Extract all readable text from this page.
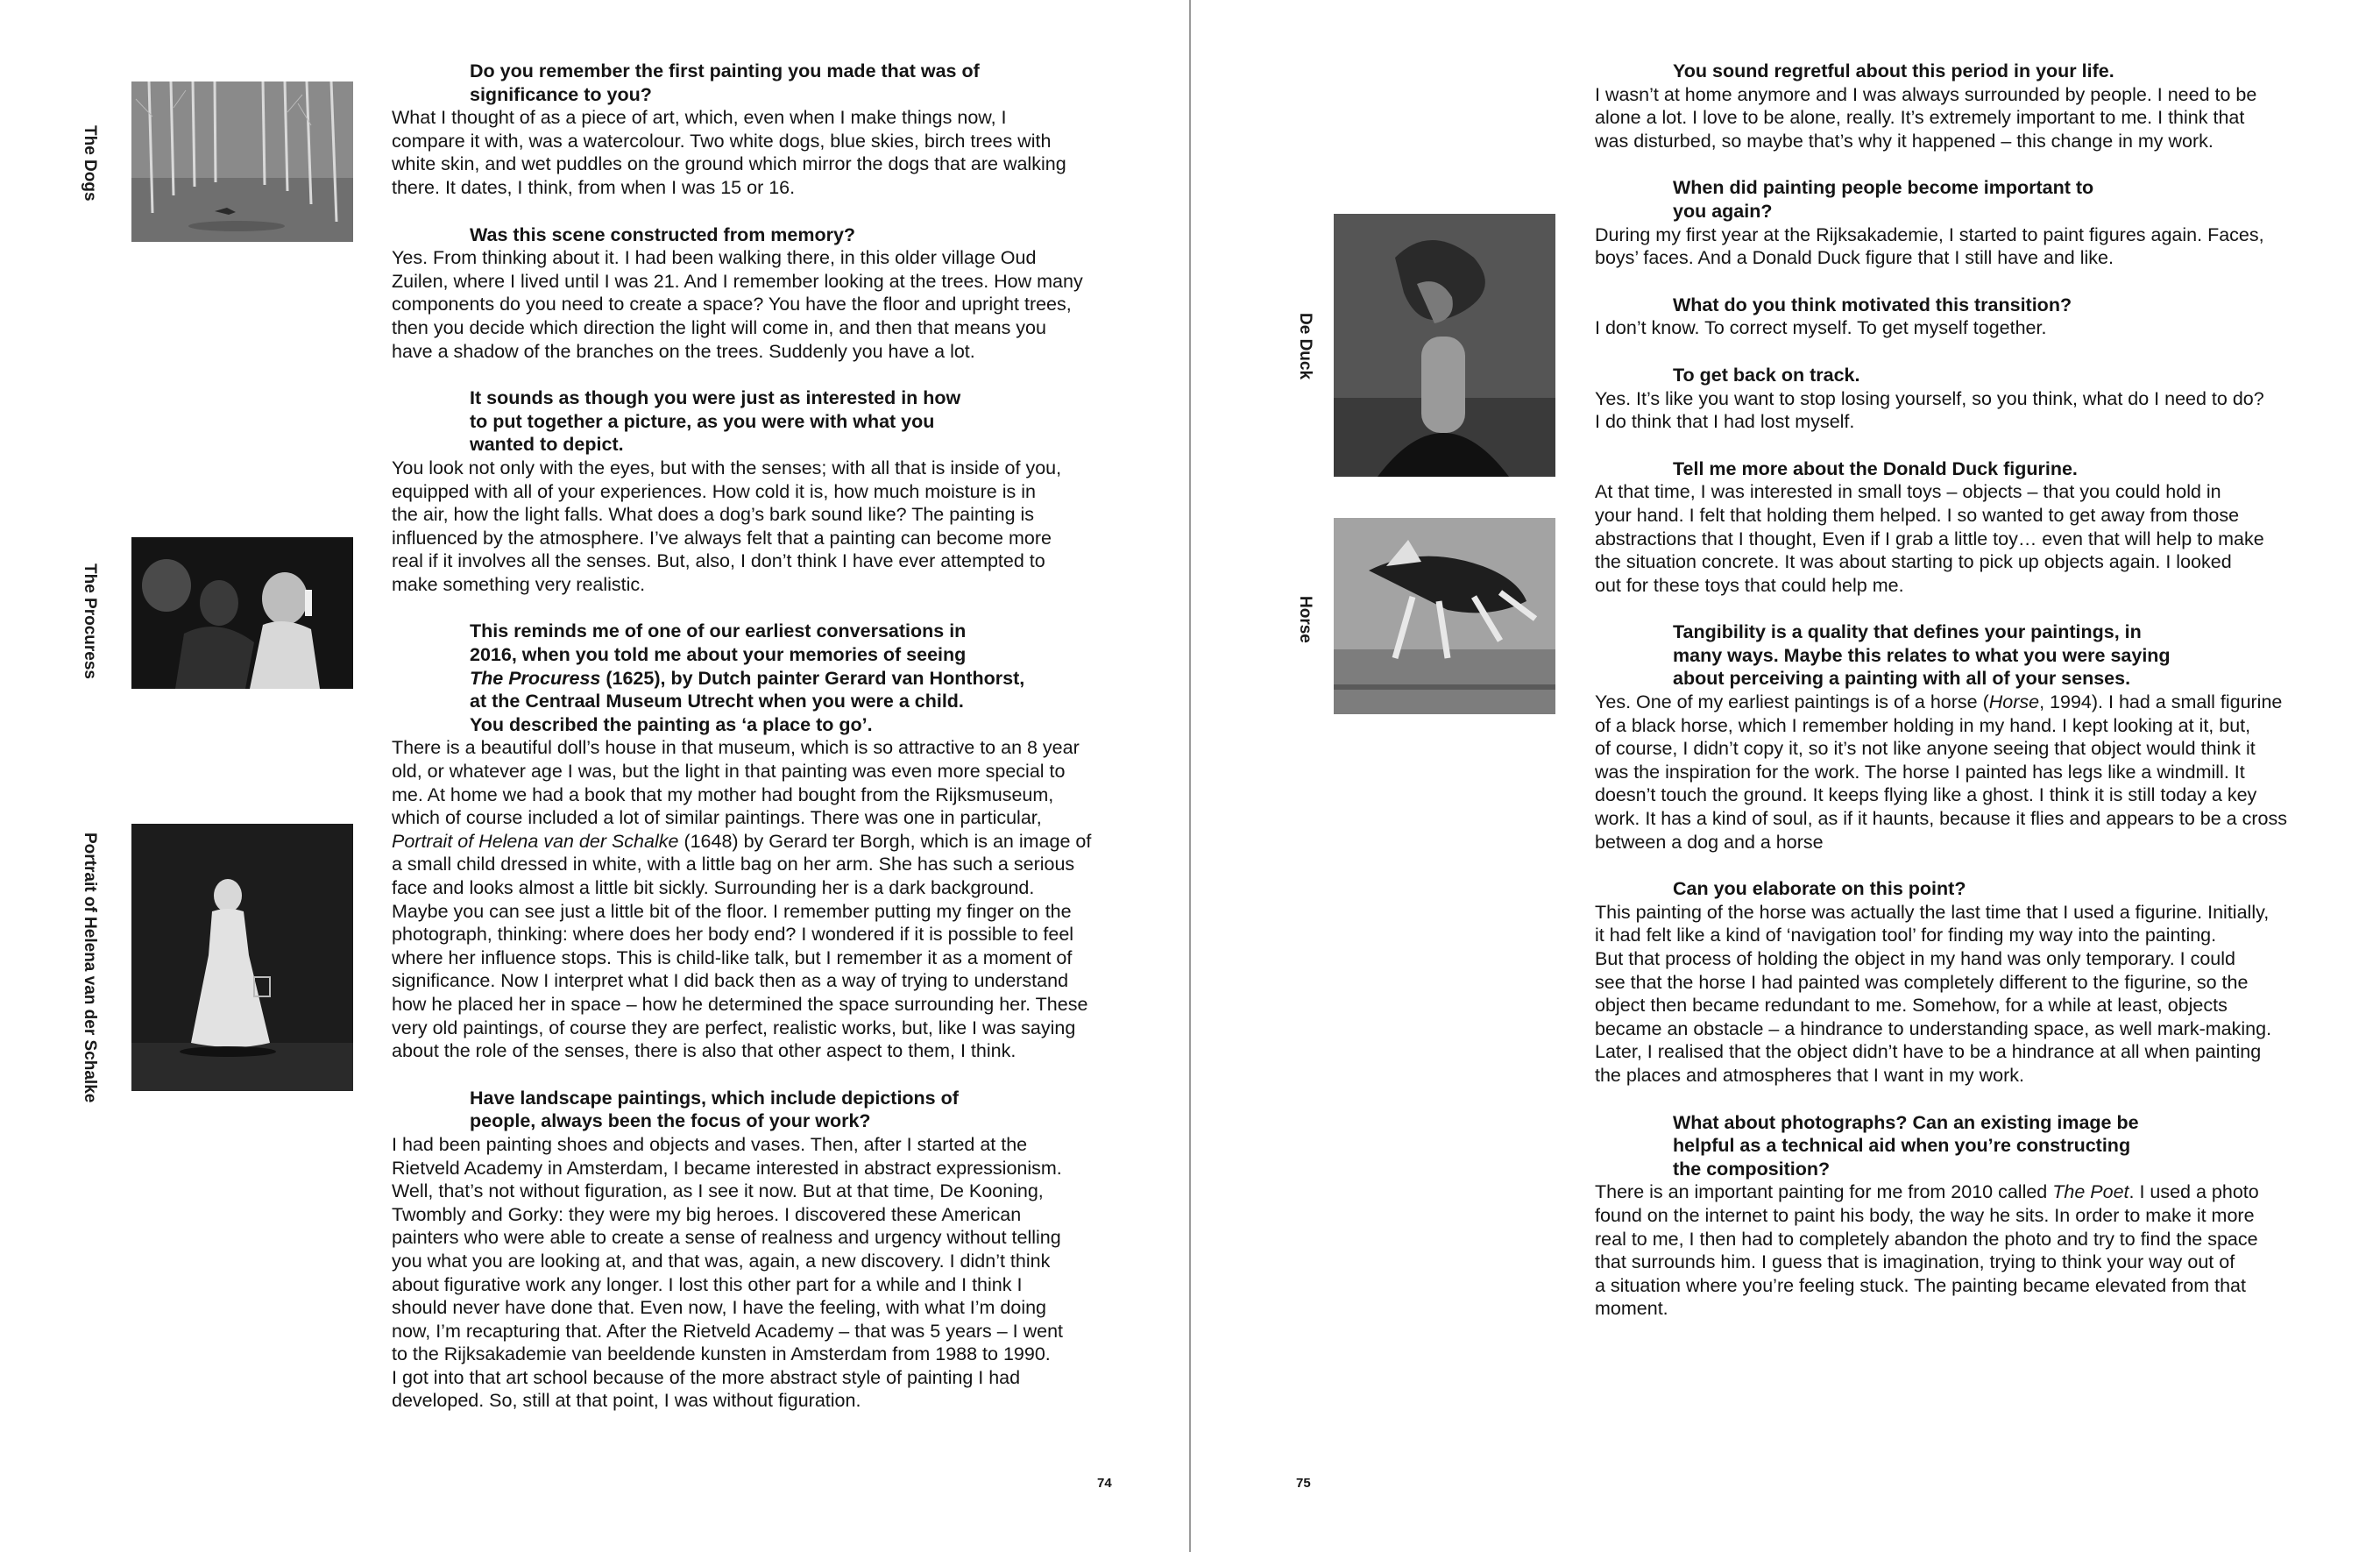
The Dogs
The Procuress
Portrait of Helena van der Schalke
Do you remember the first painting you made that was of
significance to you?
What I thought of as a piece of art, which, even when I make things now, I
compare it with, was a watercolour. Two white dogs, blue skies, birch trees with
white skin, and wet puddles on the ground which mirror the dogs that are walking
there. It dates, I think, from when I was 15 or 16.
Was this scene constructed from memory?
Yes. From thinking about it. I had been walking there, in this older village Oud
Zuilen, where I lived until I was 21. And I remember looking at the trees. How many
components do you need to create a space? You have the floor and upright trees,
then you decide which direction the light will come in, and then that means you
have a shadow of the branches on the trees. Suddenly you have a lot.
It sounds as though you were just as interested in how
to put together a picture, as you were with what you
wanted to depict.
You look not only with the eyes, but with the senses; with all that is inside of you,
equipped with all of your experiences. How cold it is, how much moisture is in
the air, how the light falls. What does a dog’s bark sound like? The painting is
influenced by the atmosphere. I’ve always felt that a painting can become more
real if it involves all the senses. But, also, I don’t think I have ever attempted to
make something very realistic.
This reminds me of one of our earliest conversations in
2016, when you told me about your memories of seeing
The Procuress (1625), by Dutch painter Gerard van Honthorst,
at the Centraal Museum Utrecht when you were a child.
You described the painting as ‘a place to go’.
There is a beautiful doll’s house in that museum, which is so attractive to an 8 year
old, or whatever age I was, but the light in that painting was even more special to
me. At home we had a book that my mother had bought from the Rijksmuseum,
which of course included a lot of similar paintings. There was one in particular,
Portrait of Helena van der Schalke (1648) by Gerard ter Borgh, which is an image of
a small child dressed in white, with a little bag on her arm. She has such a serious
face and looks almost a little bit sickly. Surrounding her is a dark background.
Maybe you can see just a little bit of the floor. I remember putting my finger on the
photograph, thinking: where does her body end? I wondered if it is possible to feel
where her influence stops. This is child-like talk, but I remember it as a moment of
significance. Now I interpret what I did back then as a way of trying to understand
how he placed her in space – how he determined the space surrounding her. These
very old paintings, of course they are perfect, realistic works, but, like I was saying
about the role of the senses, there is also that other aspect to them, I think.
Have landscape paintings, which include depictions of
people, always been the focus of your work?
I had been painting shoes and objects and vases. Then, after I started at the
Rietveld Academy in Amsterdam, I became interested in abstract expressionism.
Well, that’s not without figuration, as I see it now. But at that time, De Kooning,
Twombly and Gorky: they were my big heroes. I discovered these American
painters who were able to create a sense of realness and urgency without telling
you what you are looking at, and that was, again, a new discovery. I didn’t think
about figurative work any longer. I lost this other part for a while and I think I
should never have done that. Even now, I have the feeling, with what I’m doing
now, I’m recapturing that. After the Rietveld Academy – that was 5 years – I went
to the Rijksakademie van beeldende kunsten in Amsterdam from 1988 to 1990.
I got into that art school because of the more abstract style of painting I had
developed. So, still at that point, I was without figuration.
74
De Duck
Horse
You sound regretful about this period in your life.
I wasn’t at home anymore and I was always surrounded by people. I need to be
alone a lot. I love to be alone, really. It’s extremely important to me. I think that
was disturbed, so maybe that’s why it happened – this change in my work.
When did painting people become important to
you again?
During my first year at the Rijksakademie, I started to paint figures again. Faces,
boys’ faces. And a Donald Duck figure that I still have and like.
What do you think motivated this transition?
I don’t know. To correct myself. To get myself together.
To get back on track.
Yes. It’s like you want to stop losing yourself, so you think, what do I need to do?
I do think that I had lost myself.
Tell me more about the Donald Duck figurine.
At that time, I was interested in small toys – objects – that you could hold in
your hand. I felt that holding them helped. I so wanted to get away from those
abstractions that I thought, Even if I grab a little toy… even that will help to make
the situation concrete. It was about starting to pick up objects again. I looked
out for these toys that could help me.
Tangibility is a quality that defines your paintings, in
many ways. Maybe this relates to what you were saying
about perceiving a painting with all of your senses.
Yes. One of my earliest paintings is of a horse (Horse, 1994). I had a small figurine
of a black horse, which I remember holding in my hand. I kept looking at it, but,
of course, I didn’t copy it, so it’s not like anyone seeing that object would think it
was the inspiration for the work. The horse I painted has legs like a windmill. It
doesn’t touch the ground. It keeps flying like a ghost. I think it is still today a key
work. It has a kind of soul, as if it haunts, because it flies and appears to be a cross
between a dog and a horse
Can you elaborate on this point?
This painting of the horse was actually the last time that I used a figurine. Initially,
it had felt like a kind of ‘navigation tool’ for finding my way into the painting.
But that process of holding the object in my hand was only temporary. I could
see that the horse I had painted was completely different to the figurine, so the
object then became redundant to me. Somehow, for a while at least, objects
became an obstacle – a hindrance to understanding space, as well mark-making.
Later, I realised that the object didn’t have to be a hindrance at all when painting
the places and atmospheres that I want in my work.
What about photographs? Can an existing image be
helpful as a technical aid when you’re constructing
the composition?
There is an important painting for me from 2010 called The Poet. I used a photo
found on the internet to paint his body, the way he sits. In order to make it more
real to me, I then had to completely abandon the photo and try to find the space
that surrounds him. I guess that is imagination, trying to think your way out of
a situation where you’re feeling stuck. The painting became elevated from that
moment.
75
